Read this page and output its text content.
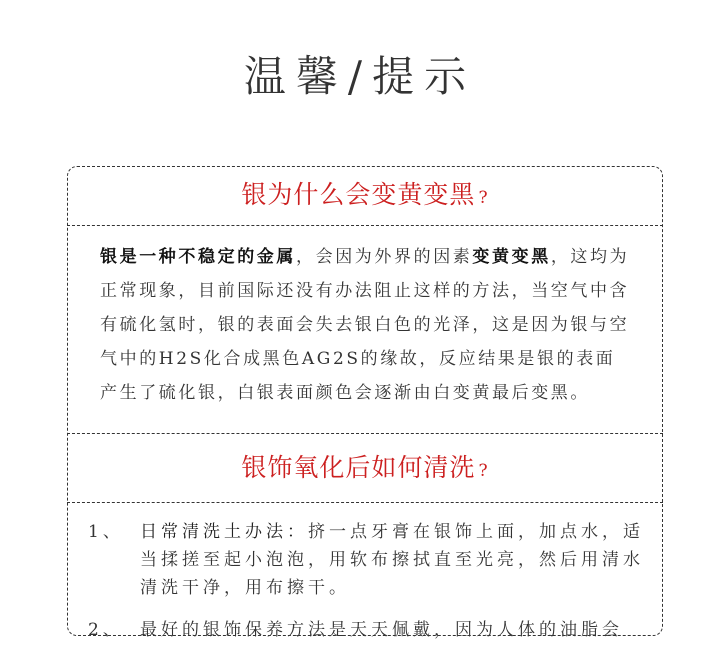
温馨/提示
银为什么会变黄变黑 ?
银是一种不稳定的金属，会因为外界的因素变黄变黑，这均为正常现象，目前国际还没有办法阻止这样的方法，当空气中含有硫化氢时，银的表面会失去银白色的光泽，这是因为银与空气中的H2S化合成黑色AG2S的缘故，反应结果是银的表面产生了硫化银，白银表面颜色会逐渐由白变黄最后变黑。
银饰氧化后如何清洗 ?
1、 日常清洗土办法：挤一点牙膏在银饰上面，加点水，适当揉搓至起小泡泡，用软布擦拭直至光亮，然后用清水清洗干净，用布擦干。
2、 最好的银饰保养方法是天天佩戴，因为人体的油脂会
